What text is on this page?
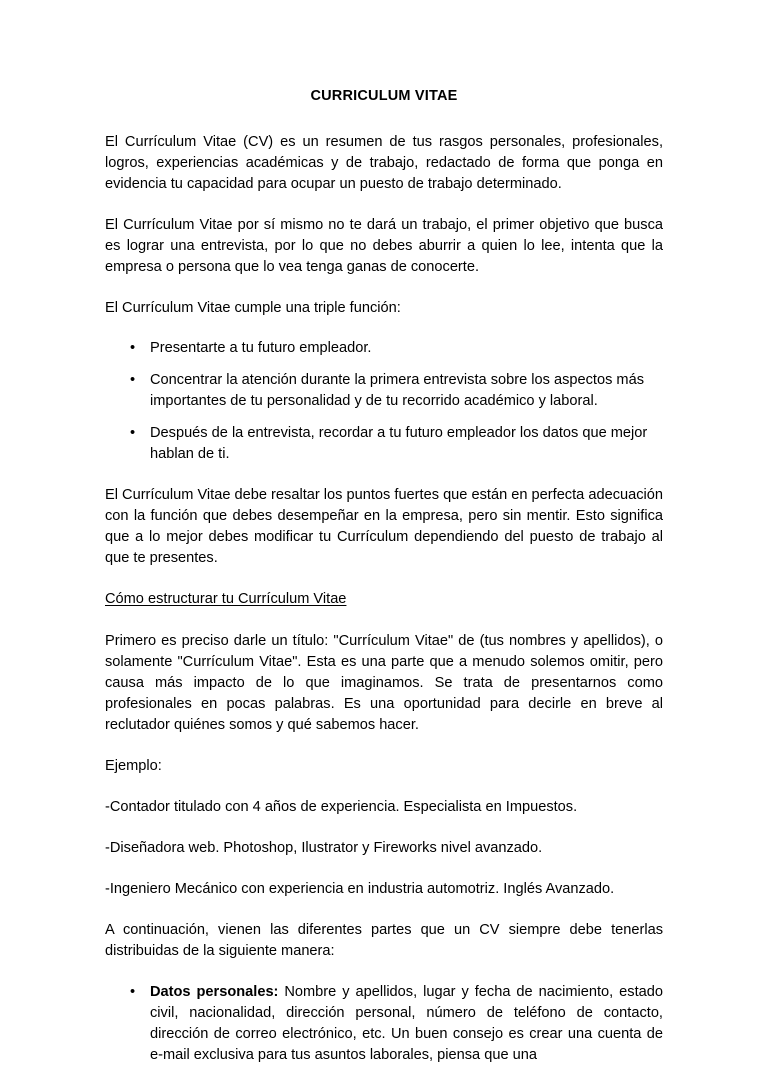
CURRICULUM VITAE

El Currículum Vitae (CV) es un resumen de tus rasgos personales, profesionales, logros, experiencias académicas y de trabajo, redactado de forma que ponga en evidencia tu capacidad para ocupar un puesto de trabajo determinado.

El Currículum Vitae por sí mismo no te dará un trabajo, el primer objetivo que busca es lograr una entrevista, por lo que no debes aburrir a quien lo lee, intenta que la empresa o persona que lo vea tenga ganas de conocerte.

El Currículum Vitae cumple una triple función:

• Presentarte a tu futuro empleador.
• Concentrar la atención durante la primera entrevista sobre los aspectos más importantes de tu personalidad y de tu recorrido académico y laboral.
• Después de la entrevista, recordar a tu futuro empleador los datos que mejor hablan de ti.

El Currículum Vitae debe resaltar los puntos fuertes que están en perfecta adecuación con la función que debes desempeñar en la empresa, pero sin mentir. Esto significa que a lo mejor debes modificar tu Currículum dependiendo del puesto de trabajo al que te presentes.

Cómo estructurar tu Currículum Vitae

Primero es preciso darle un título: "Currículum Vitae" de (tus nombres y apellidos), o solamente "Currículum Vitae". Esta es una parte que a menudo solemos omitir, pero causa más impacto de lo que imaginamos. Se trata de presentarnos como profesionales en pocas palabras. Es una oportunidad para decirle en breve al reclutador quiénes somos y qué sabemos hacer.

Ejemplo:

-Contador titulado con 4 años de experiencia. Especialista en Impuestos.
-Diseñadora web. Photoshop, Ilustrator y Fireworks nivel avanzado.
-Ingeniero Mecánico con experiencia en industria automotriz. Inglés Avanzado.

A continuación, vienen las diferentes partes que un CV siempre debe tenerlas distribuidas de la siguiente manera:

• Datos personales: Nombre y apellidos, lugar y fecha de nacimiento, estado civil, nacionalidad, dirección personal, número de teléfono de contacto, dirección de correo electrónico, etc. Un buen consejo es crear una cuenta de e-mail exclusiva para tus asuntos laborales, piensa que una
